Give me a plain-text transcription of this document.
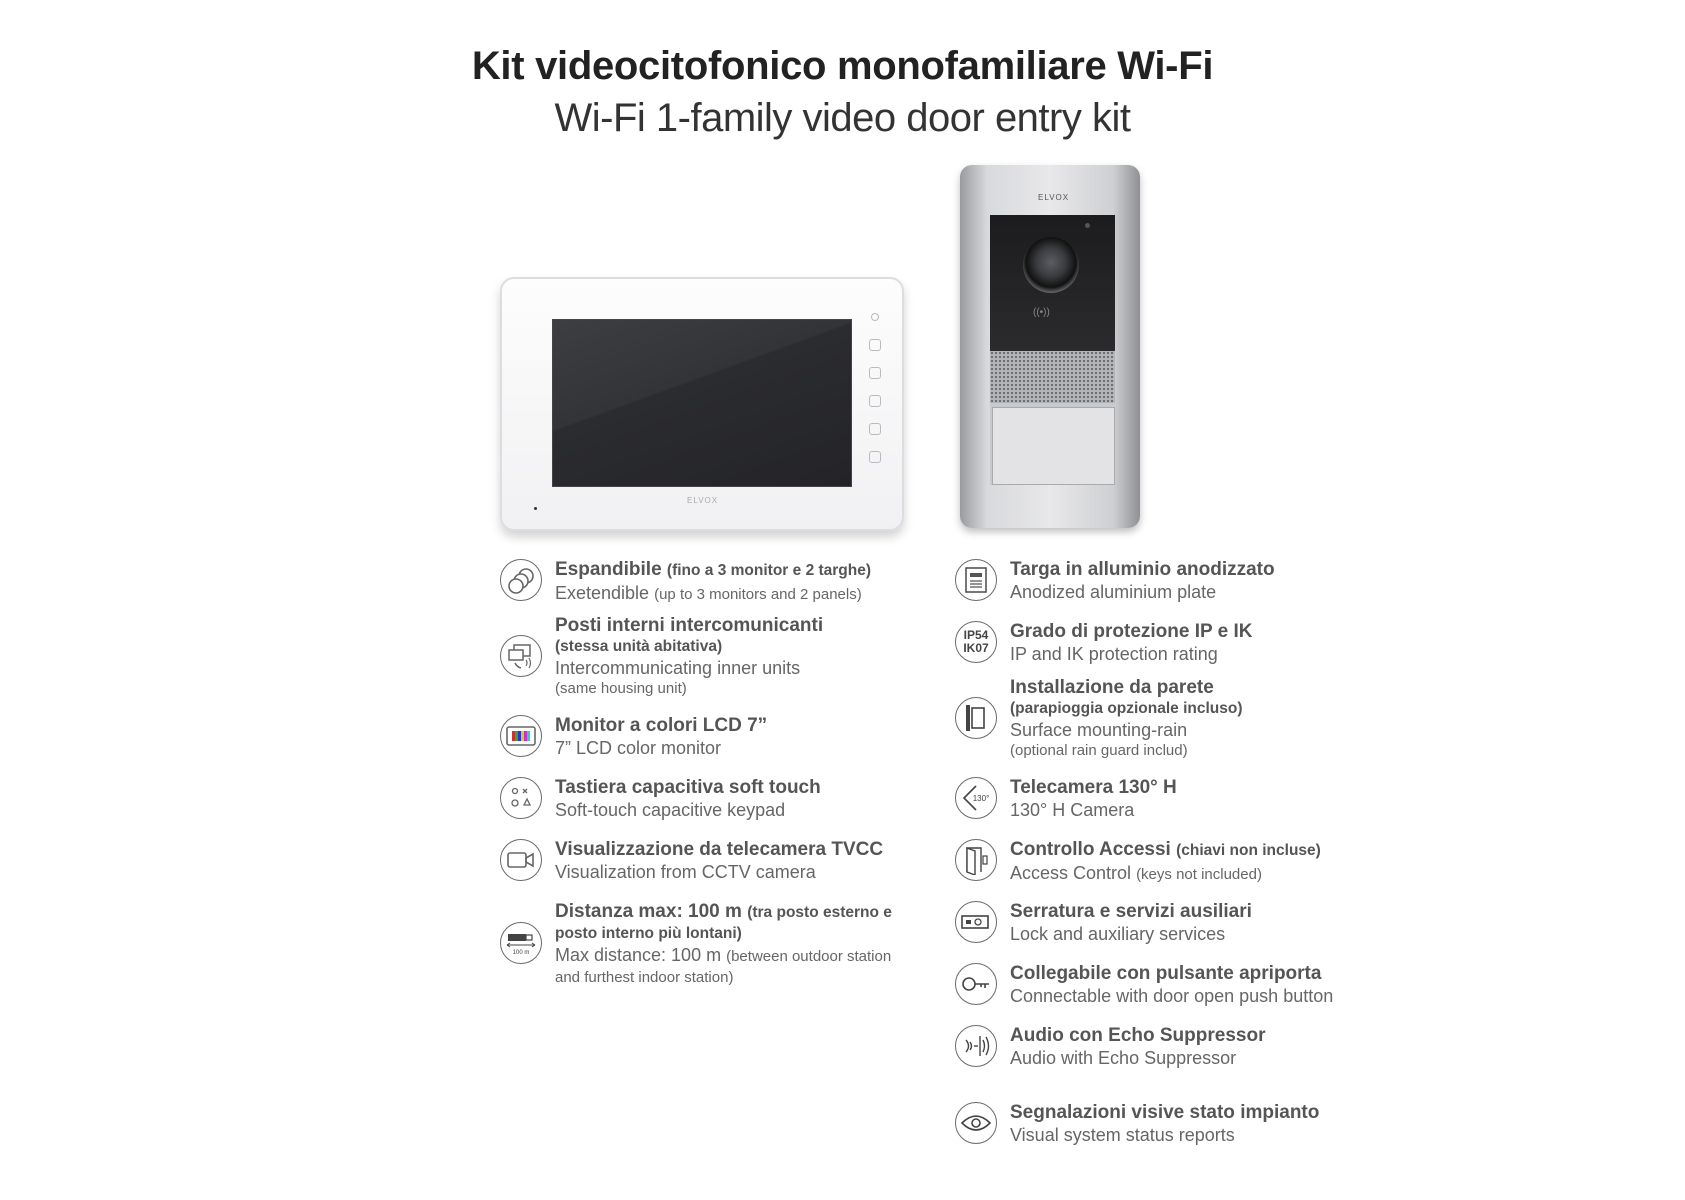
Kit videocitofonico monofamiliare Wi-Fi
Wi-Fi 1-family video door entry kit
ELVOX
ELVOX
((•))
Espandibile (fino a 3 monitor e 2 targhe)
Exetendible (up to 3 monitors and 2 panels)
Posti interni intercomunicanti
(stessa unità abitativa)
Intercommunicating inner units
(same housing unit)
Monitor a colori LCD 7”
7” LCD color monitor
Tastiera capacitiva soft touch
Soft-touch capacitive keypad
Visualizzazione da telecamera TVCC
Visualization from CCTV camera
100 m
Distanza max: 100 m (tra posto esterno e
posto interno più lontani)
Max distance: 100 m (between outdoor station
and furthest indoor station)
Targa in alluminio anodizzato
Anodized aluminium plate
IP54
IK07
Grado di protezione IP e IK
IP and IK protection rating
Installazione da parete
(parapioggia opzionale incluso)
Surface mounting-rain
(optional rain guard includ)
130°
Telecamera 130° H
130° H Camera
Controllo Accessi (chiavi non incluse)
Access Control (keys not included)
Serratura e servizi ausiliari
Lock and auxiliary services
Collegabile con pulsante apriporta
Connectable with door open push button
Audio con Echo Suppressor
Audio with Echo Suppressor
Segnalazioni visive stato impianto
Visual system status reports
